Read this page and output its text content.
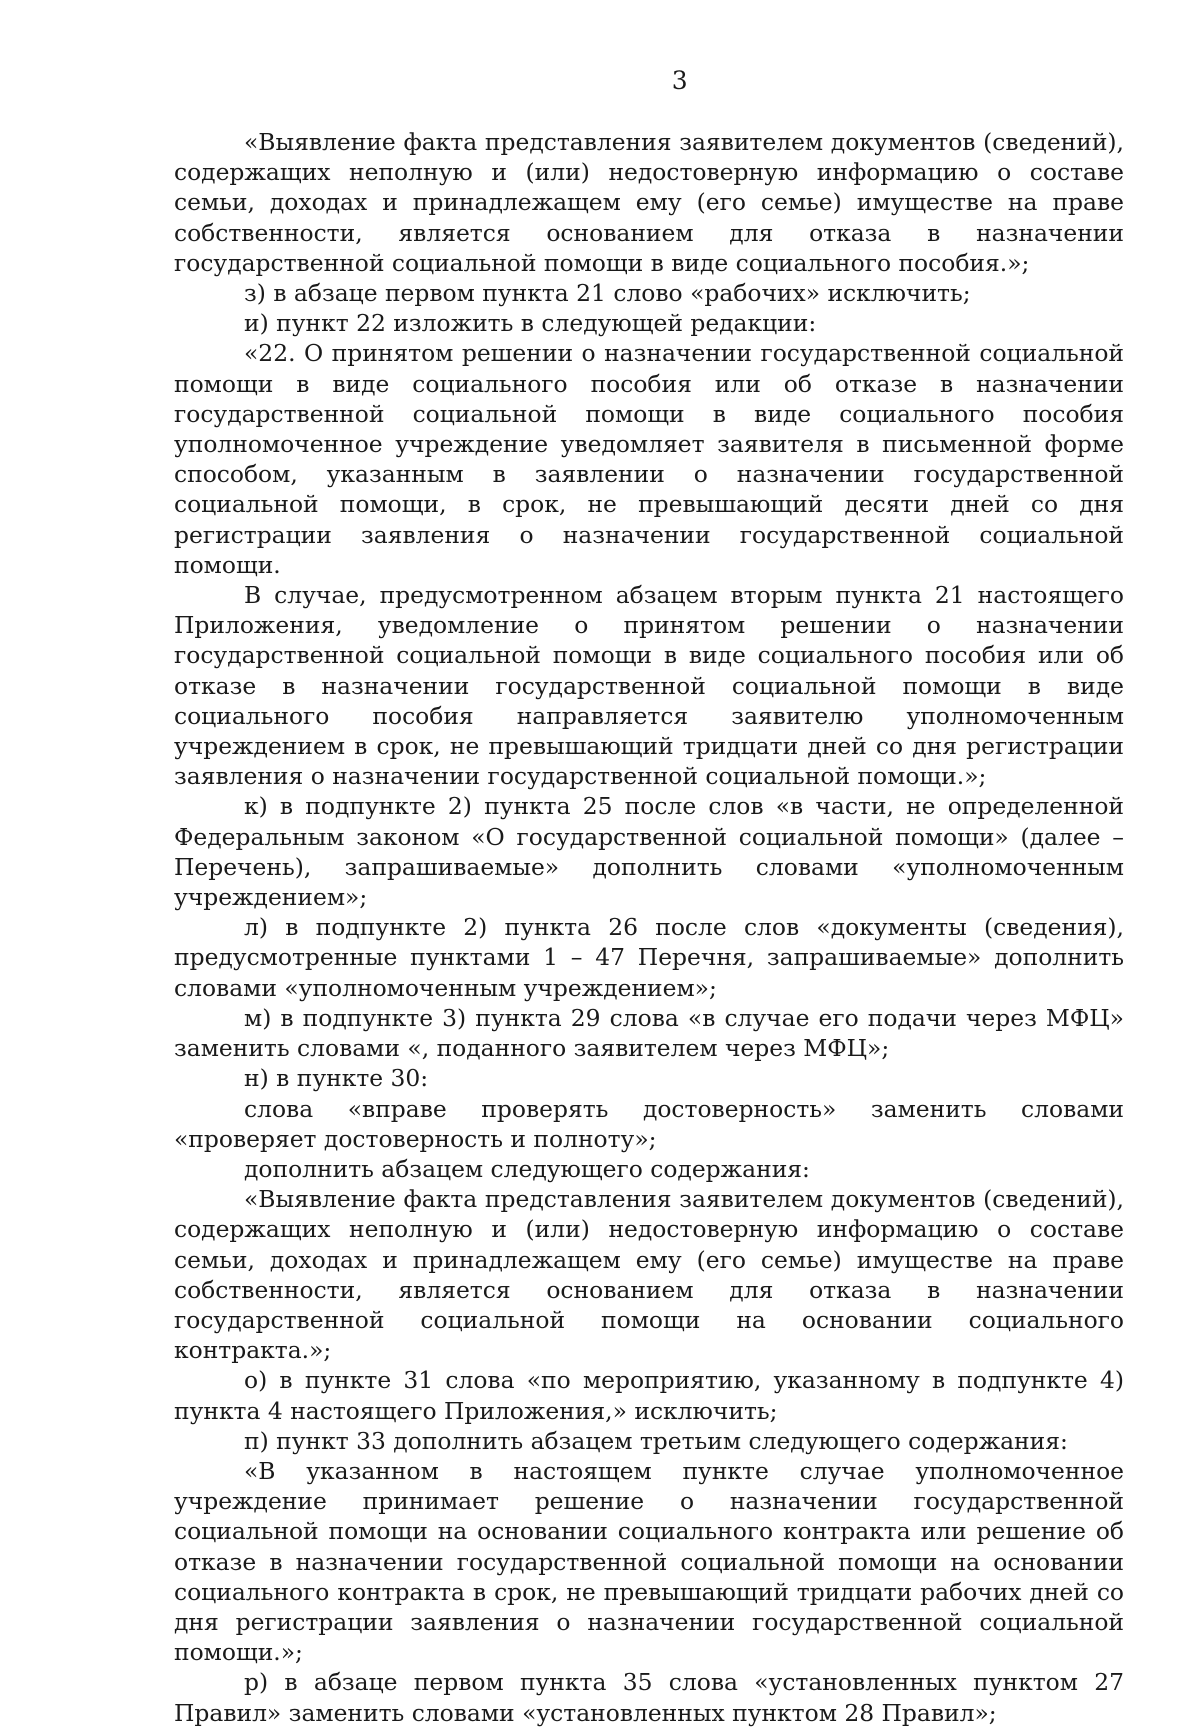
3

«Выявление факта представления заявителем документов (сведений), содержащих неполную и (или) недостоверную информацию о составе семьи, доходах и принадлежащем ему (его семье) имуществе на праве собственности, является основанием для отказа в назначении государственной социальной помощи в виде социального пособия.»;

з) в абзаце первом пункта 21 слово «рабочих» исключить;

и) пункт 22 изложить в следующей редакции:

«22. О принятом решении о назначении государственной социальной помощи в виде социального пособия или об отказе в назначении государственной социальной помощи в виде социального пособия уполномоченное учреждение уведомляет заявителя в письменной форме способом, указанным в заявлении о назначении государственной социальной помощи, в срок, не превышающий десяти дней со дня регистрации заявления о назначении государственной социальной помощи.

В случае, предусмотренном абзацем вторым пункта 21 настоящего Приложения, уведомление о принятом решении о назначении государственной социальной помощи в виде социального пособия или об отказе в назначении государственной социальной помощи в виде социального пособия направляется заявителю уполномоченным учреждением в срок, не превышающий тридцати дней со дня регистрации заявления о назначении государственной социальной помощи.»;

к) в подпункте 2) пункта 25 после слов «в части, не определенной Федеральным законом «О государственной социальной помощи» (далее – Перечень), запрашиваемые» дополнить словами «уполномоченным учреждением»;

л) в подпункте 2) пункта 26 после слов «документы (сведения), предусмотренные пунктами 1 – 47 Перечня, запрашиваемые» дополнить словами «уполномоченным учреждением»;

м) в подпункте 3) пункта 29 слова «в случае его подачи через МФЦ» заменить словами «, поданного заявителем через МФЦ»;

н) в пункте 30:

слова «вправе проверять достоверность» заменить словами «проверяет достоверность и полноту»;

дополнить абзацем следующего содержания:

«Выявление факта представления заявителем документов (сведений), содержащих неполную и (или) недостоверную информацию о составе семьи, доходах и принадлежащем ему (его семье) имуществе на праве собственности, является основанием для отказа в назначении государственной социальной помощи на основании социального контракта.»;

о) в пункте 31 слова «по мероприятию, указанному в подпункте 4) пункта 4 настоящего Приложения,» исключить;

п) пункт 33 дополнить абзацем третьим следующего содержания:

«В указанном в настоящем пункте случае уполномоченное учреждение принимает решение о назначении государственной социальной помощи на основании социального контракта или решение об отказе в назначении государственной социальной помощи на основании социального контракта в срок, не превышающий тридцати рабочих дней со дня регистрации заявления о назначении государственной социальной помощи.»;

р) в абзаце первом пункта 35 слова «установленных пунктом 27 Правил» заменить словами «установленных пунктом 28 Правил»;
